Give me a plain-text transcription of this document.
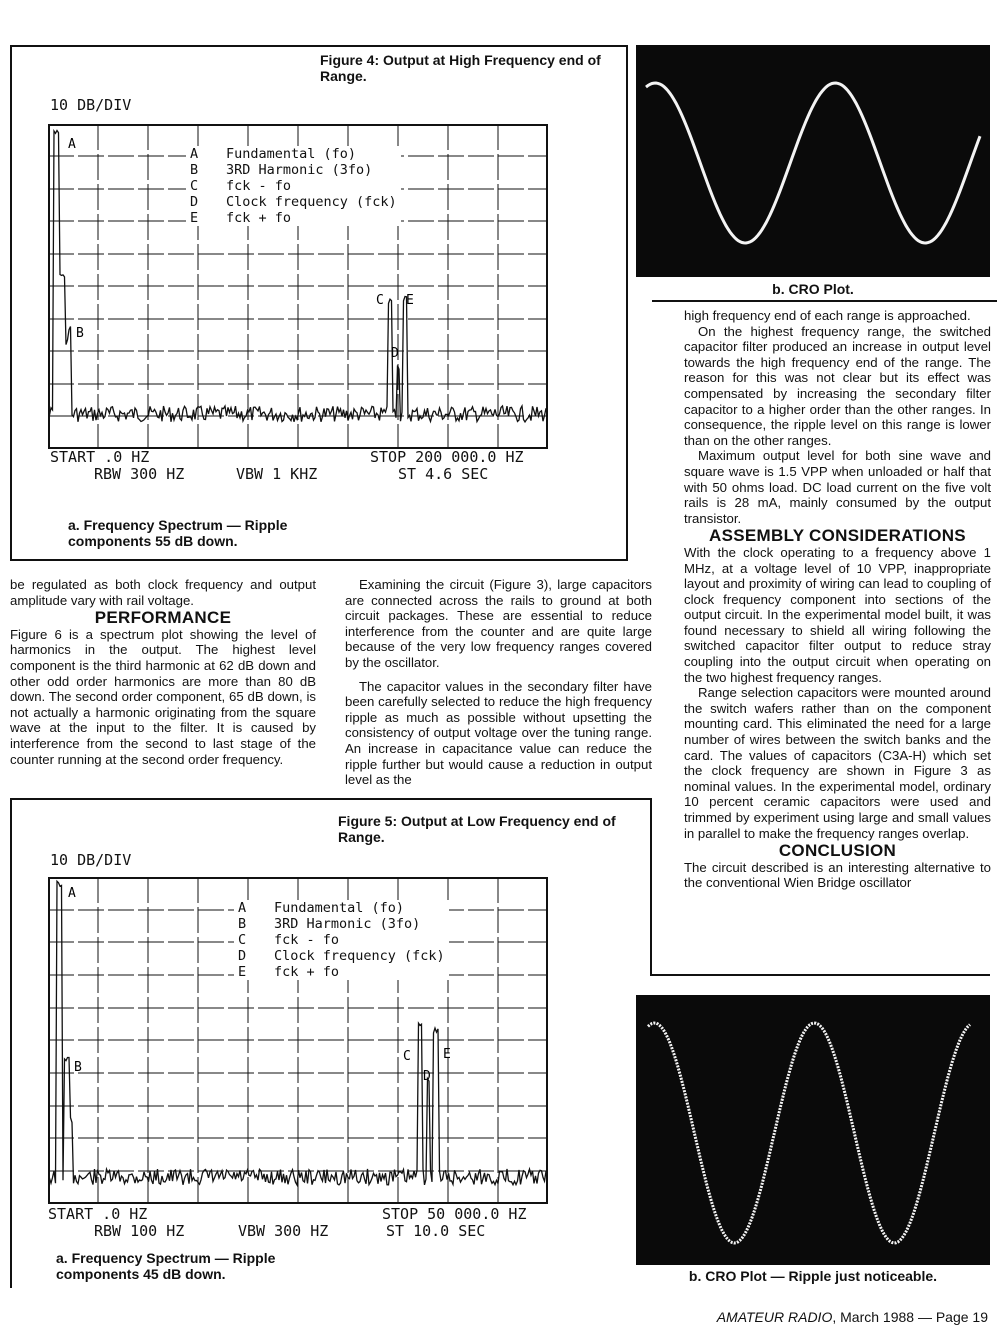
Figure 4: Output at High Frequency end of Range.
10 DB/DIV
A
B
C
D
E
A Fundamental (fo)
B 3RD Harmonic (3fo)
C fck - fo
D Clock frequency (fck)
E fck + fo
START .0 HZ	STOP 200 000.0 HZ
RBW 300 HZ	VBW 1 KHZ	ST 4.6 SEC
a. Frequency Spectrum — Ripple components 55 dB down.
b. CRO Plot.

be regulated as both clock frequency and output amplitude vary with rail voltage.

PERFORMANCE

Figure 6 is a spectrum plot showing the level of harmonics in the output. The highest level component is the third harmonic at 62 dB down and other odd order harmonics are more than 80 dB down. The second order component, 65 dB down, is not actually a harmonic originating from the square wave at the input to the filter. It is caused by interference from the second to last stage of the counter running at the second order frequency.

Examining the circuit (Figure 3), large capacitors are connected across the rails to ground at both circuit packages. These are essential to reduce interference from the counter and are quite large because of the very low frequency ranges covered by the oscillator.

The capacitor values in the secondary filter have been carefully selected to reduce the high frequency ripple as much as possible without upsetting the consistency of output voltage over the tuning range. An increase in capacitance value can reduce the ripple further but would cause a reduction in output level as the

high frequency end of each range is approached.

On the highest frequency range, the switched capacitor filter produced an increase in output level towards the high frequency end of the range. The reason for this was not clear but its effect was compensated by increasing the secondary filter capacitor to a higher order than the other ranges. In consequence, the ripple level on this range is lower than on the other ranges.

Maximum output level for both sine wave and square wave is 1.5 VPP when unloaded or half that with 50 ohms load. DC load current on the five volt rails is 28 mA, mainly consumed by the output transistor.

ASSEMBLY CONSIDERATIONS

With the clock operating to a frequency above 1 MHz, at a voltage level of 10 VPP, inappropriate layout and proximity of wiring can lead to coupling of clock frequency component into sections of the output circuit. In the experimental model built, it was found necessary to shield all wiring following the switched capacitor filter output to reduce stray coupling into the output circuit when operating on the two highest frequency ranges.

Range selection capacitors were mounted around the switch wafers rather than on the component mounting card. This eliminated the need for a large number of wires between the switch banks and the card. The values of capacitors (C3A-H) which set the clock frequency are shown in Figure 3 as nominal values. In the experimental model, ordinary 10 percent ceramic capacitors were used and trimmed by experiment using large and small values in parallel to make the frequency ranges overlap.

CONCLUSION

The circuit described is an interesting alternative to the conventional Wien Bridge oscillator

Figure 5: Output at Low Frequency end of Range.
10 DB/DIV
A
B
C
D
E
A Fundamental (fo)
B 3RD Harmonic (3fo)
C fck - fo
D Clock frequency (fck)
E fck + fo
START .0 HZ	STOP 50 000.0 HZ
RBW 100 HZ	VBW 300 HZ	ST 10.0 SEC
a. Frequency Spectrum — Ripple components 45 dB down.	b. CRO Plot — Ripple just noticeable.
AMATEUR RADIO, March 1988 — Page 19
